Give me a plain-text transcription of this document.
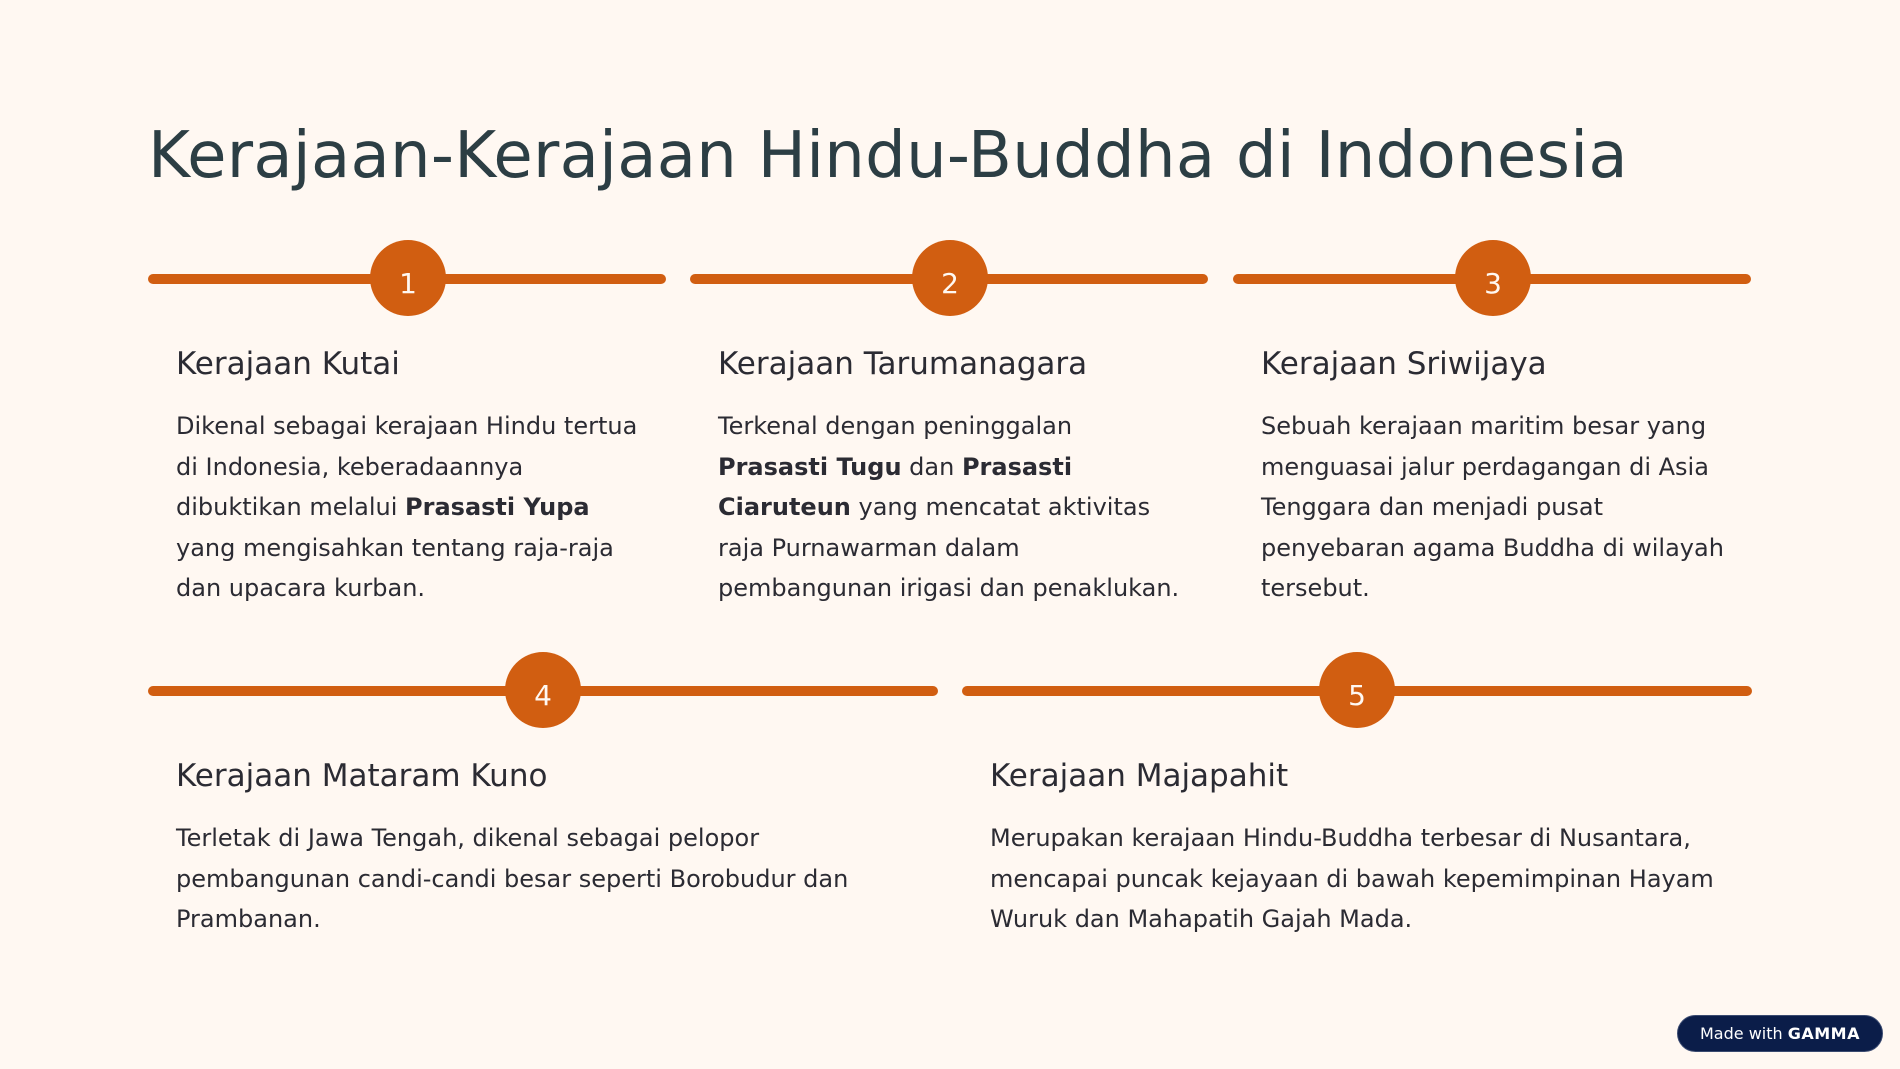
Kerajaan-Kerajaan Hindu-Buddha di Indonesia
1
Kerajaan Kutai

Dikenal sebagai kerajaan Hindu tertua di Indonesia, keberadaannya dibuktikan melalui Prasasti Yupa yang mengisahkan tentang raja-raja dan upacara kurban.

2
Kerajaan Tarumanagara

Terkenal dengan peninggalan Prasasti Tugu dan Prasasti Ciaruteun yang mencatat aktivitas raja Purnawarman dalam pembangunan irigasi dan penaklukan.

3
Kerajaan Sriwijaya

Sebuah kerajaan maritim besar yang menguasai jalur perdagangan di Asia Tenggara dan menjadi pusat penyebaran agama Buddha di wilayah tersebut.

4
Kerajaan Mataram Kuno

Terletak di Jawa Tengah, dikenal sebagai pelopor pembangunan candi-candi besar seperti Borobudur dan Prambanan.

5
Kerajaan Majapahit

Merupakan kerajaan Hindu-Buddha terbesar di Nusantara, mencapai puncak kejayaan di bawah kepemimpinan Hayam Wuruk dan Mahapatih Gajah Mada.

Made with GAMMA
